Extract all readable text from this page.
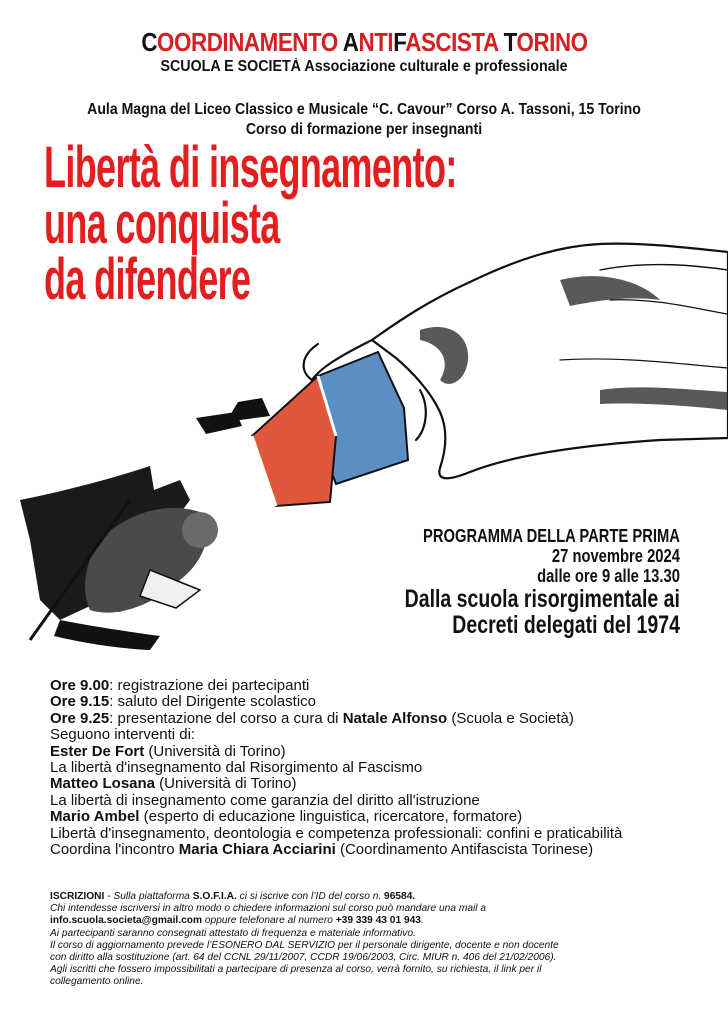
COORDINAMENTO ANTIFASCISTA TORINO
SCUOLA E SOCIETÀ Associazione culturale e professionale
Aula Magna del Liceo Classico e Musicale “C. Cavour” Corso A. Tassoni, 15 Torino
Corso di formazione per insegnanti
Libertà di insegnamento:
una conquista
da difendere
PROGRAMMA DELLA PARTE PRIMA
27 novembre 2024
dalle ore 9 alle 13.30
Dalla scuola risorgimentale ai
Decreti delegati del 1974
Ore 9.00: registrazione dei partecipanti
Ore 9.15: saluto del Dirigente scolastico
Ore 9.25: presentazione del corso a cura di Natale Alfonso (Scuola e Società)
Seguono interventi di:
Ester De Fort (Università di Torino)
La libertà d'insegnamento dal Risorgimento al Fascismo
Matteo Losana (Università di Torino)
La libertà di insegnamento come garanzia del diritto all'istruzione
Mario Ambel (esperto di educazione linguistica, ricercatore, formatore)
Libertà d'insegnamento, deontologia e competenza professionali: confini e praticabilità
Coordina l'incontro Maria Chiara Acciarini (Coordinamento Antifascista Torinese)
ISCRIZIONI - Sulla piattaforma S.O.F.I.A. ci si iscrive con l’ID del corso n. 96584.
Chi intendesse iscriversi in altro modo o chiedere informazioni sul corso può mandare una mail a
info.scuola.societa@gmail.com oppure telefonare al numero +39 339 43 01 943.
Ai partecipanti saranno consegnati attestato di frequenza e materiale informativo.
Il corso di aggiornamento prevede l’ESONERO DAL SERVIZIO per il personale dirigente, docente e non docente
con diritto alla sostituzione (art. 64 del CCNL 29/11/2007, CCDR 19/06/2003, Circ. MIUR n. 406 del 21/02/2006).
Agli iscritti che fossero impossibilitati a partecipare di presenza al corso, verrà fornito, su richiesta, il link per il
collegamento online.
